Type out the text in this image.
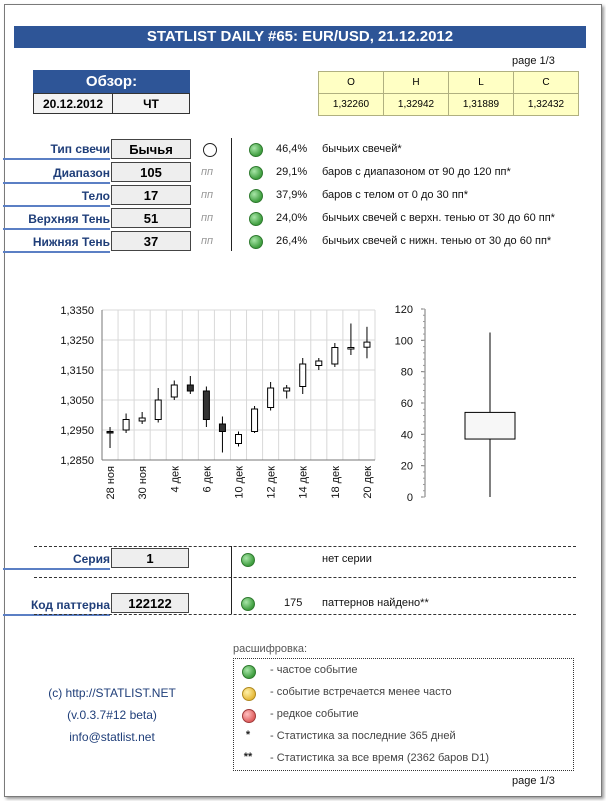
STATLIST DAILY #65: EUR/USD, 21.12.2012
page 1/3
Обзор:
20.12.2012	ЧТ
O	H	L	C
1,32260	1,32942	1,31889	1,32432
Тип свечи	Бычья	46,4% бычьих свечей*
Диапазон	105	пп	29,1% баров с диапазоном от 90 до 120 пп*
Тело	17	пп	37,9% баров с телом от 0 до 30 пп*
Верхняя Тень	51	пп	24,0% бычьих свечей с верхн. тенью от 30 до 60 пп*
Нижняя Тень	37	пп	26,4% бычьих свечей с нижн. тенью от 30 до 60 пп*
1,2850
1,2950
1,3050
1,3150
1,3250
1,3350
28 ноя 30 ноя 4 дек 6 дек 10 дек 12 дек 14 дек 18 дек 20 дек	0
20
40
60
80
100
120
Серия	1	нет серии
Код паттерна	122122	175 паттернов найдено**
(c) http://STATLIST.NET
(v.0.3.7#12 beta)
info@statlist.net
расшифровка:
- частое событие
- событие встречается менее часто
- редкое событие
*	- Статистика за последние 365 дней
**	- Статистика за все время (2362 баров D1)
page 1/3
